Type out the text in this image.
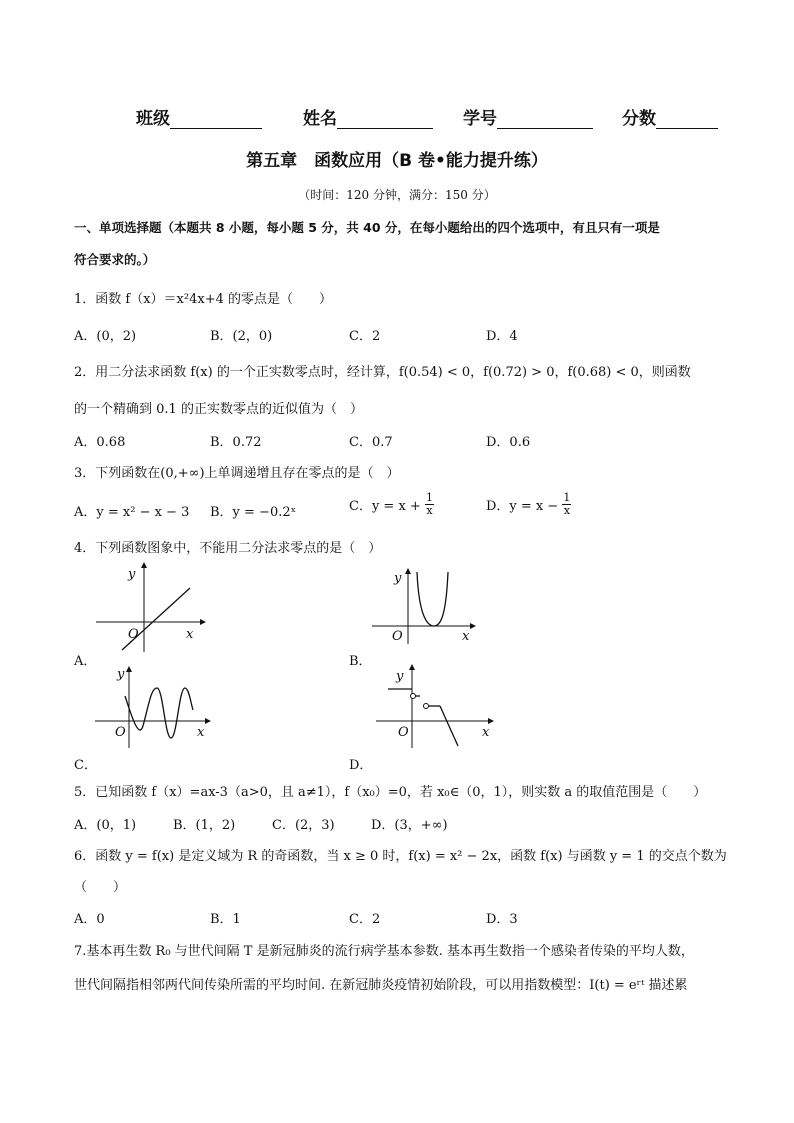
班级	姓名	学号	分数
第五章　函数应用（B 卷•能力提升练）
（时间：120 分钟，满分：150 分）
一、单项选择题（本题共 8 小题，每小题 5 分，共 40 分，在每小题给出的四个选项中，有且只有一项是
符合要求的。）
1．函数 f（x）＝x²4x+4 的零点是（　　）
A．(0，2)	B．(2，0)	C．2	D．4
2．用二分法求函数 f(x) 的一个正实数零点时，经计算，f(0.54) < 0，f(0.72) > 0，f(0.68) < 0，则函数
的一个精确到 0.1 的正实数零点的近似值为（　）
A．0.68	B．0.72	C．0.7	D．0.6
3．下列函数在(0,+∞)上单调递增且存在零点的是（　）
A．y = x² − x − 3 B．y = −0.2ˣ	C．$y = x + \frac{1}{x}$	D．$y = x - \frac{1}{x}$
4．下列函数图象中，不能用二分法求零点的是（　）
y
x
O
A．
y
x
O
B．
y
x
O
C．
y
x
O
D．
5．已知函数 f（x）=ax-3（a>0，且 a≠1），f（x₀）=0，若 x₀∈（0，1），则实数 a 的取值范围是（　　）
A．(0，1)	B．(1，2)	C．(2，3)	D．(3，+∞)
6．函数 y = f(x) 是定义域为 R 的奇函数，当 x ≥ 0 时，f(x) = x² − 2x，函数 f(x) 与函数 y = 1 的交点个数为
（　　）
A．0	B．1	C．2	D．3
7.基本再生数 R₀ 与世代间隔 T 是新冠肺炎的流行病学基本参数. 基本再生数指一个感染者传染的平均人数，
世代间隔指相邻两代间传染所需的平均时间. 在新冠肺炎疫情初始阶段，可以用指数模型：I(t) = eʳᵗ 描述累
